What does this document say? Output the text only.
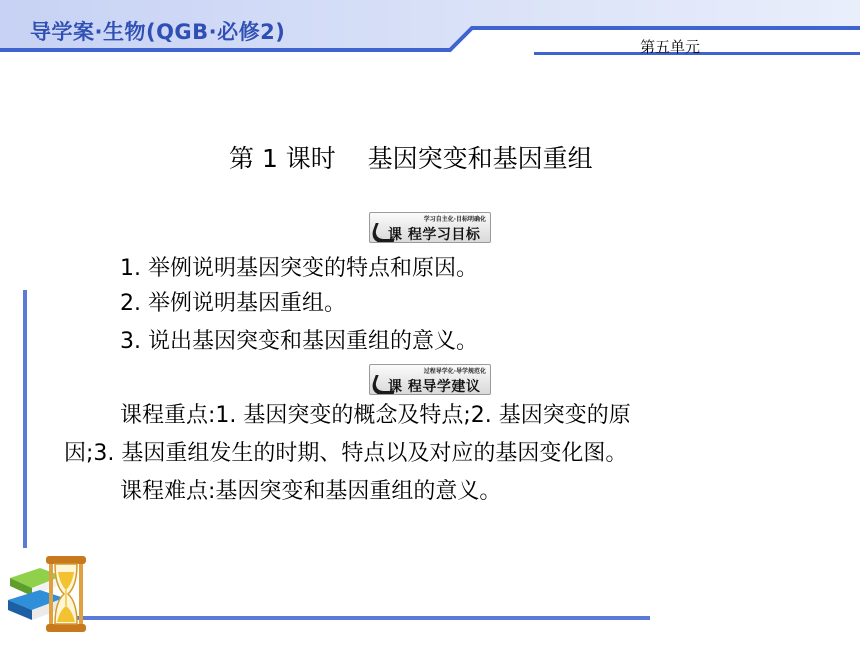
导学案·生物(QGB·必修2)
第五单元
第 1 课时    基因突变和基因重组
学习自主化·目标明确化
课 程学习目标
1. 举例说明基因突变的特点和原因。
2. 举例说明基因重组。
3. 说出基因突变和基因重组的意义。
过程导学化·导学规范化
课 程导学建议
课程重点:1. 基因突变的概念及特点;2. 基因突变的原
因;3. 基因重组发生的时期、特点以及对应的基因变化图。
课程难点:基因突变和基因重组的意义。
